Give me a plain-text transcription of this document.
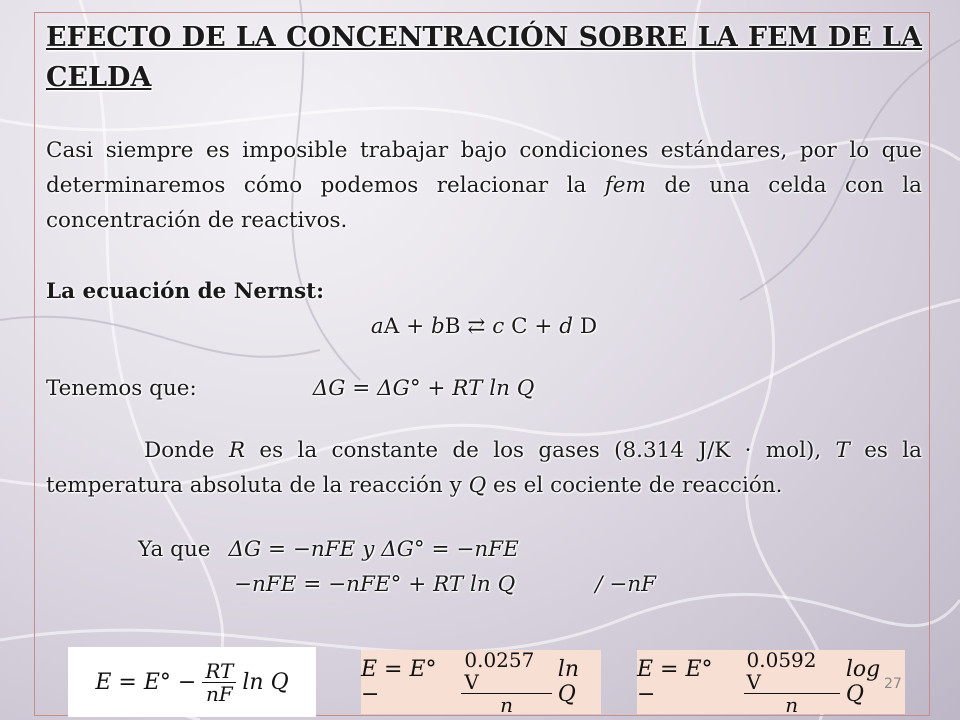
EFECTO DE LA CONCENTRACIÓN SOBRE LA FEM DE LA CELDA
Casi siempre es imposible trabajar bajo condiciones estándares, por lo que determinaremos cómo podemos relacionar la fem de una celda con la concentración de reactivos.
La ecuación de Nernst:
aA + bB ⇄ c C + d D
Tenemos que:	ΔG = ΔG° + RT ln Q
Donde R es la constante de los gases (8.314 J/K · mol), T es la temperatura absoluta de la reacción y Q es el cociente de reacción.
Ya que ΔG = −nFE y ΔG° = −nFE
−nFE = −nFE° + RT ln Q	/ −nF
$E = E^\circ - \frac{RT}{nF}$ ln Q	E = E° −	$\frac{0.0257 V}{n}$ ln Q
E = E° −	$\frac{0.0592 V}{n}$ log Q	27
